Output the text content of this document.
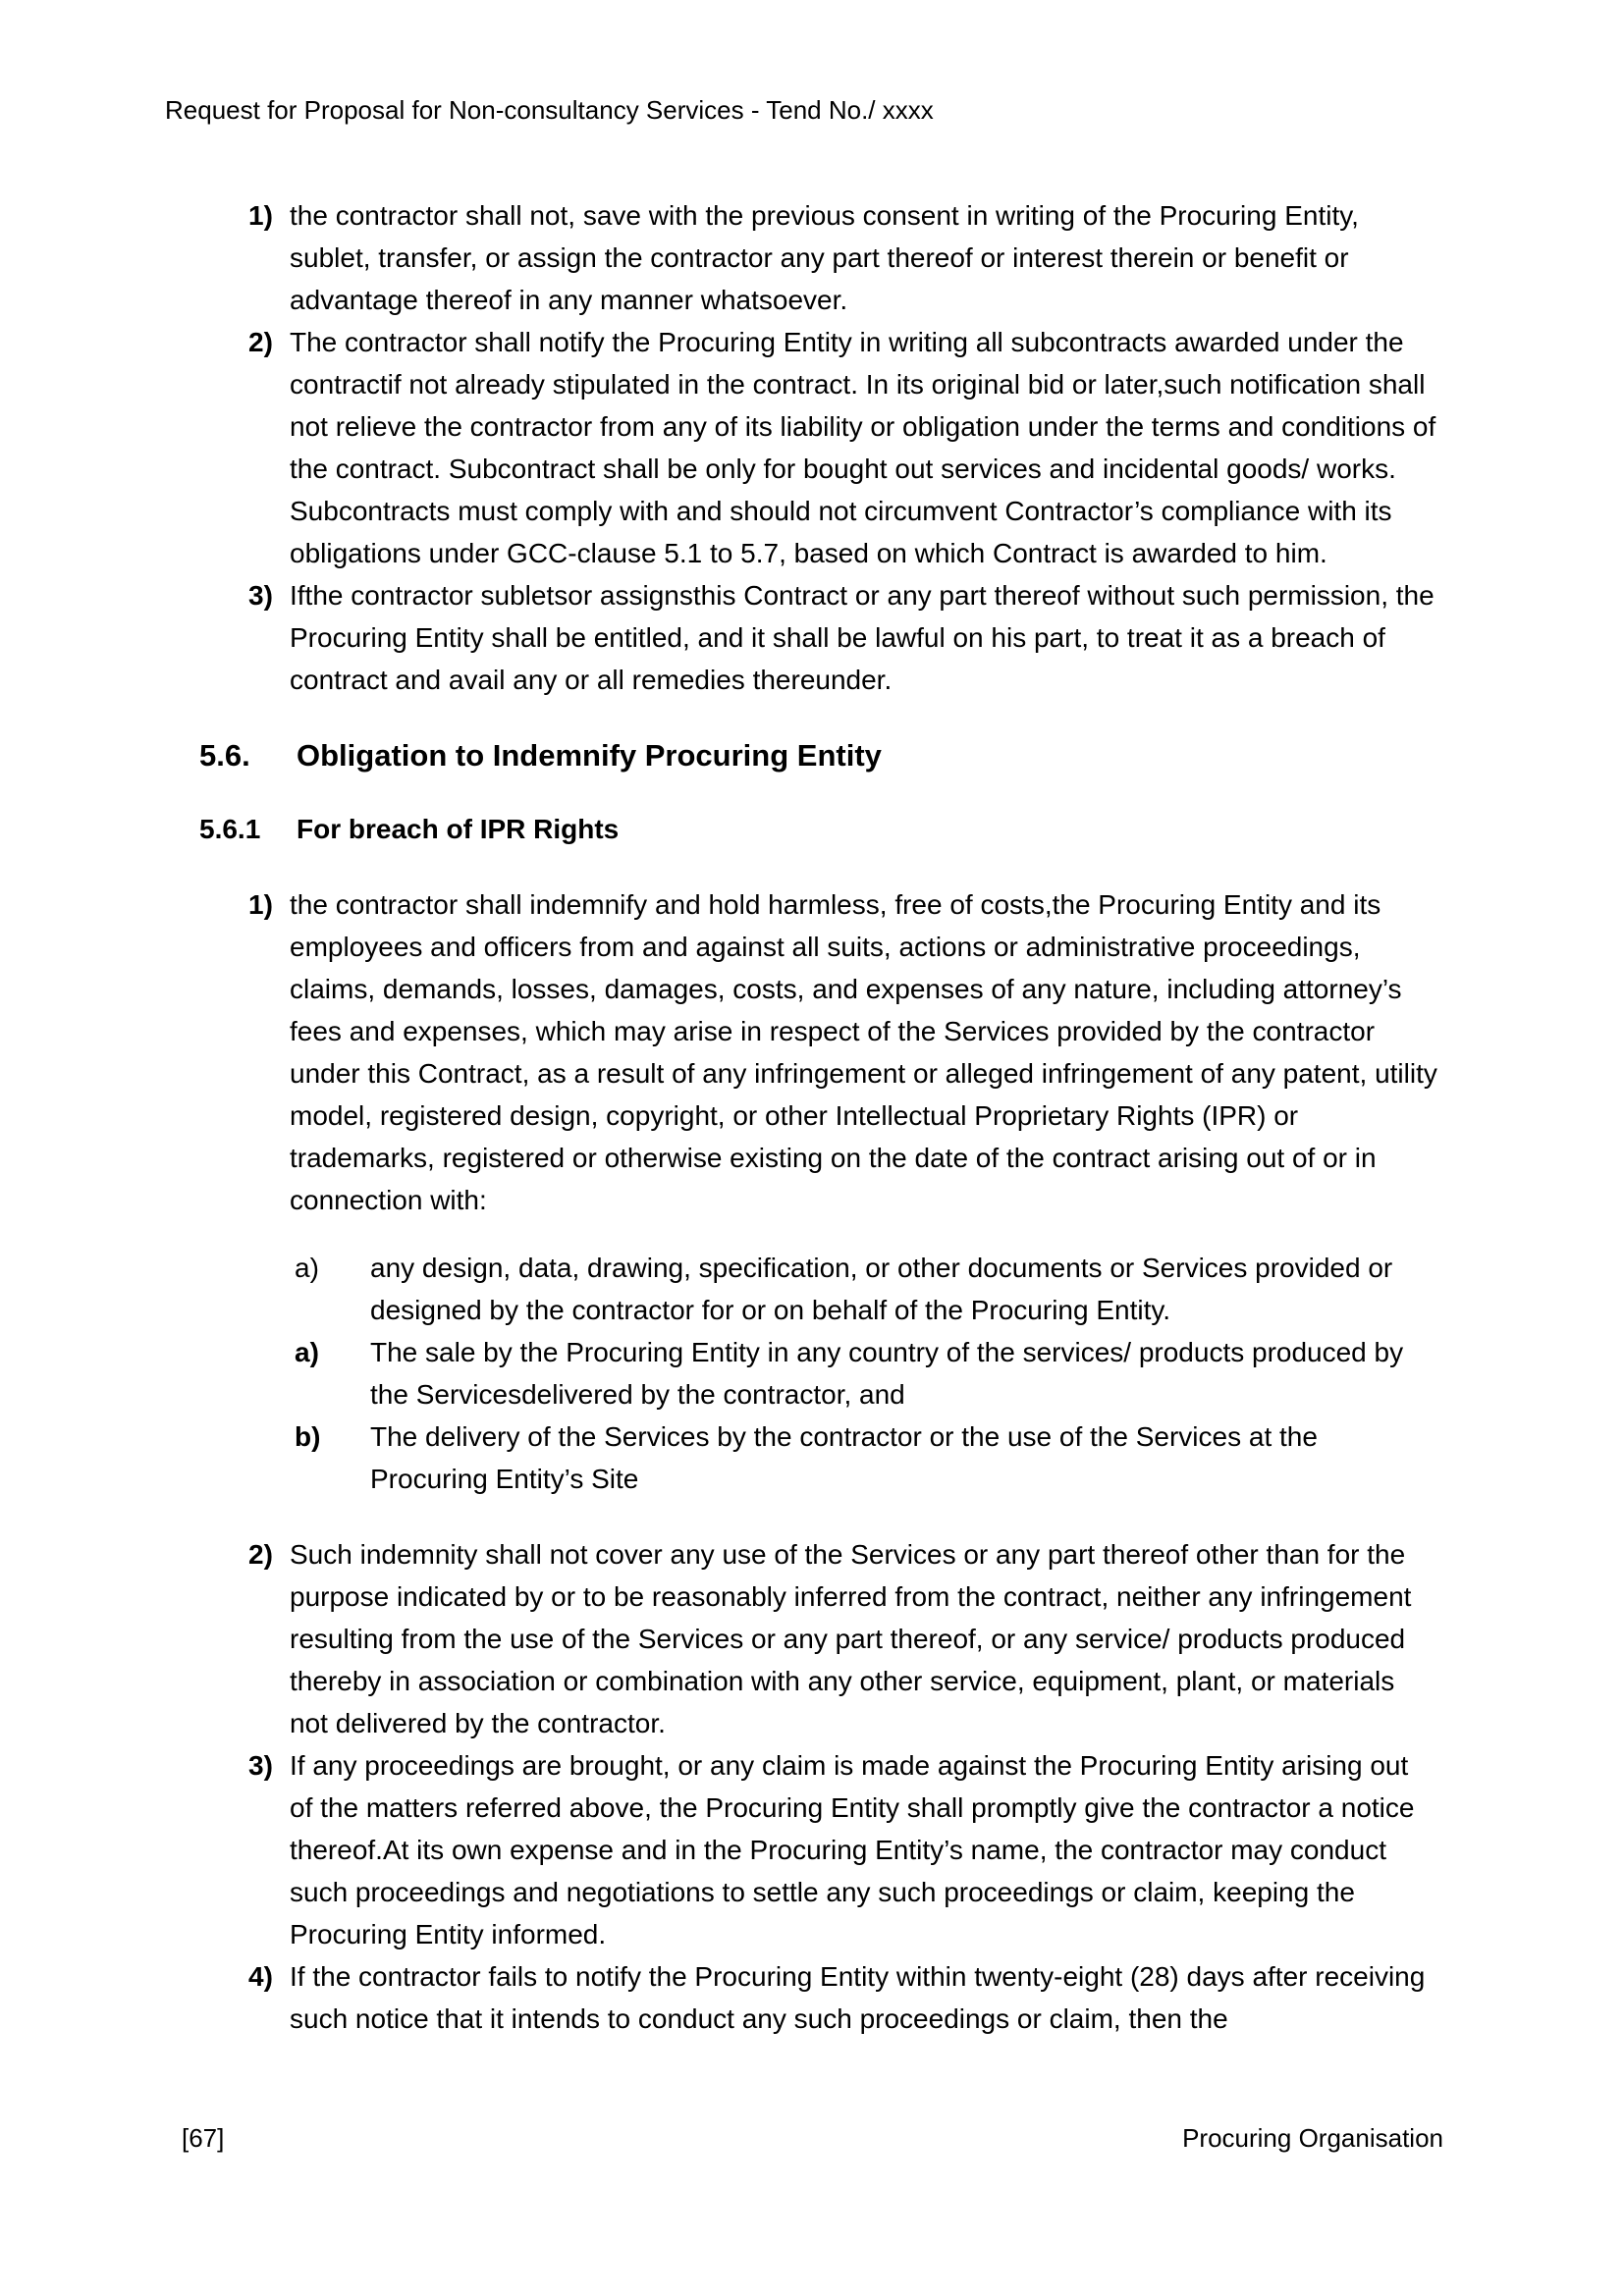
Request for Proposal for Non-consultancy Services - Tend No./ xxxx
1) the contractor shall not, save with the previous consent in writing of the Procuring Entity, sublet, transfer, or assign the contractor any part thereof or interest therein or benefit or advantage thereof in any manner whatsoever.
2) The contractor shall notify the Procuring Entity in writing all subcontracts awarded under the contractif not already stipulated in the contract. In its original bid or later,such notification shall not relieve the contractor from any of its liability or obligation under the terms and conditions of the contract. Subcontract shall be only for bought out services and incidental goods/ works. Subcontracts must comply with and should not circumvent Contractor’s compliance with its obligations under GCC-clause 5.1 to 5.7, based on which Contract is awarded to him.
3) Ifthe contractor subletsor assignsthis Contract or any part thereof without such permission, the Procuring Entity shall be entitled, and it shall be lawful on his part, to treat it as a breach of contract and avail any or all remedies thereunder.
5.6.	Obligation to Indemnify Procuring Entity
5.6.1	For breach of IPR Rights
1) the contractor shall indemnify and hold harmless, free of costs,the Procuring Entity and its employees and officers from and against all suits, actions or administrative proceedings, claims, demands, losses, damages, costs, and expenses of any nature, including attorney’s fees and expenses, which may arise in respect of the Services provided by the contractor under this Contract, as a result of any infringement or alleged infringement of any patent, utility model, registered design, copyright, or other Intellectual Proprietary Rights (IPR) or trademarks, registered or otherwise existing on the date of the contract arising out of or in connection with:
a)	any design, data, drawing, specification, or other documents or Services provided or designed by the contractor for or on behalf of the Procuring Entity.
a)	The sale by the Procuring Entity in any country of the services/ products produced by the Servicesdelivered by the contractor, and
b)	The delivery of the Services by the contractor or the use of the Services at the Procuring Entity’s Site
2) Such indemnity shall not cover any use of the Services or any part thereof other than for the purpose indicated by or to be reasonably inferred from the contract, neither any infringement resulting from the use of the Services or any part thereof, or any service/ products produced thereby in association or combination with any other service, equipment, plant, or materials not delivered by the contractor.
3) If any proceedings are brought, or any claim is made against the Procuring Entity arising out of the matters referred above, the Procuring Entity shall promptly give the contractor a notice thereof.At its own expense and in the Procuring Entity’s name, the contractor may conduct such proceedings and negotiations to settle any such proceedings or claim, keeping the Procuring Entity informed.
4) If the contractor fails to notify the Procuring Entity within twenty-eight (28) days after receiving such notice that it intends to conduct any such proceedings or claim, then the
[67]	Procuring Organisation
